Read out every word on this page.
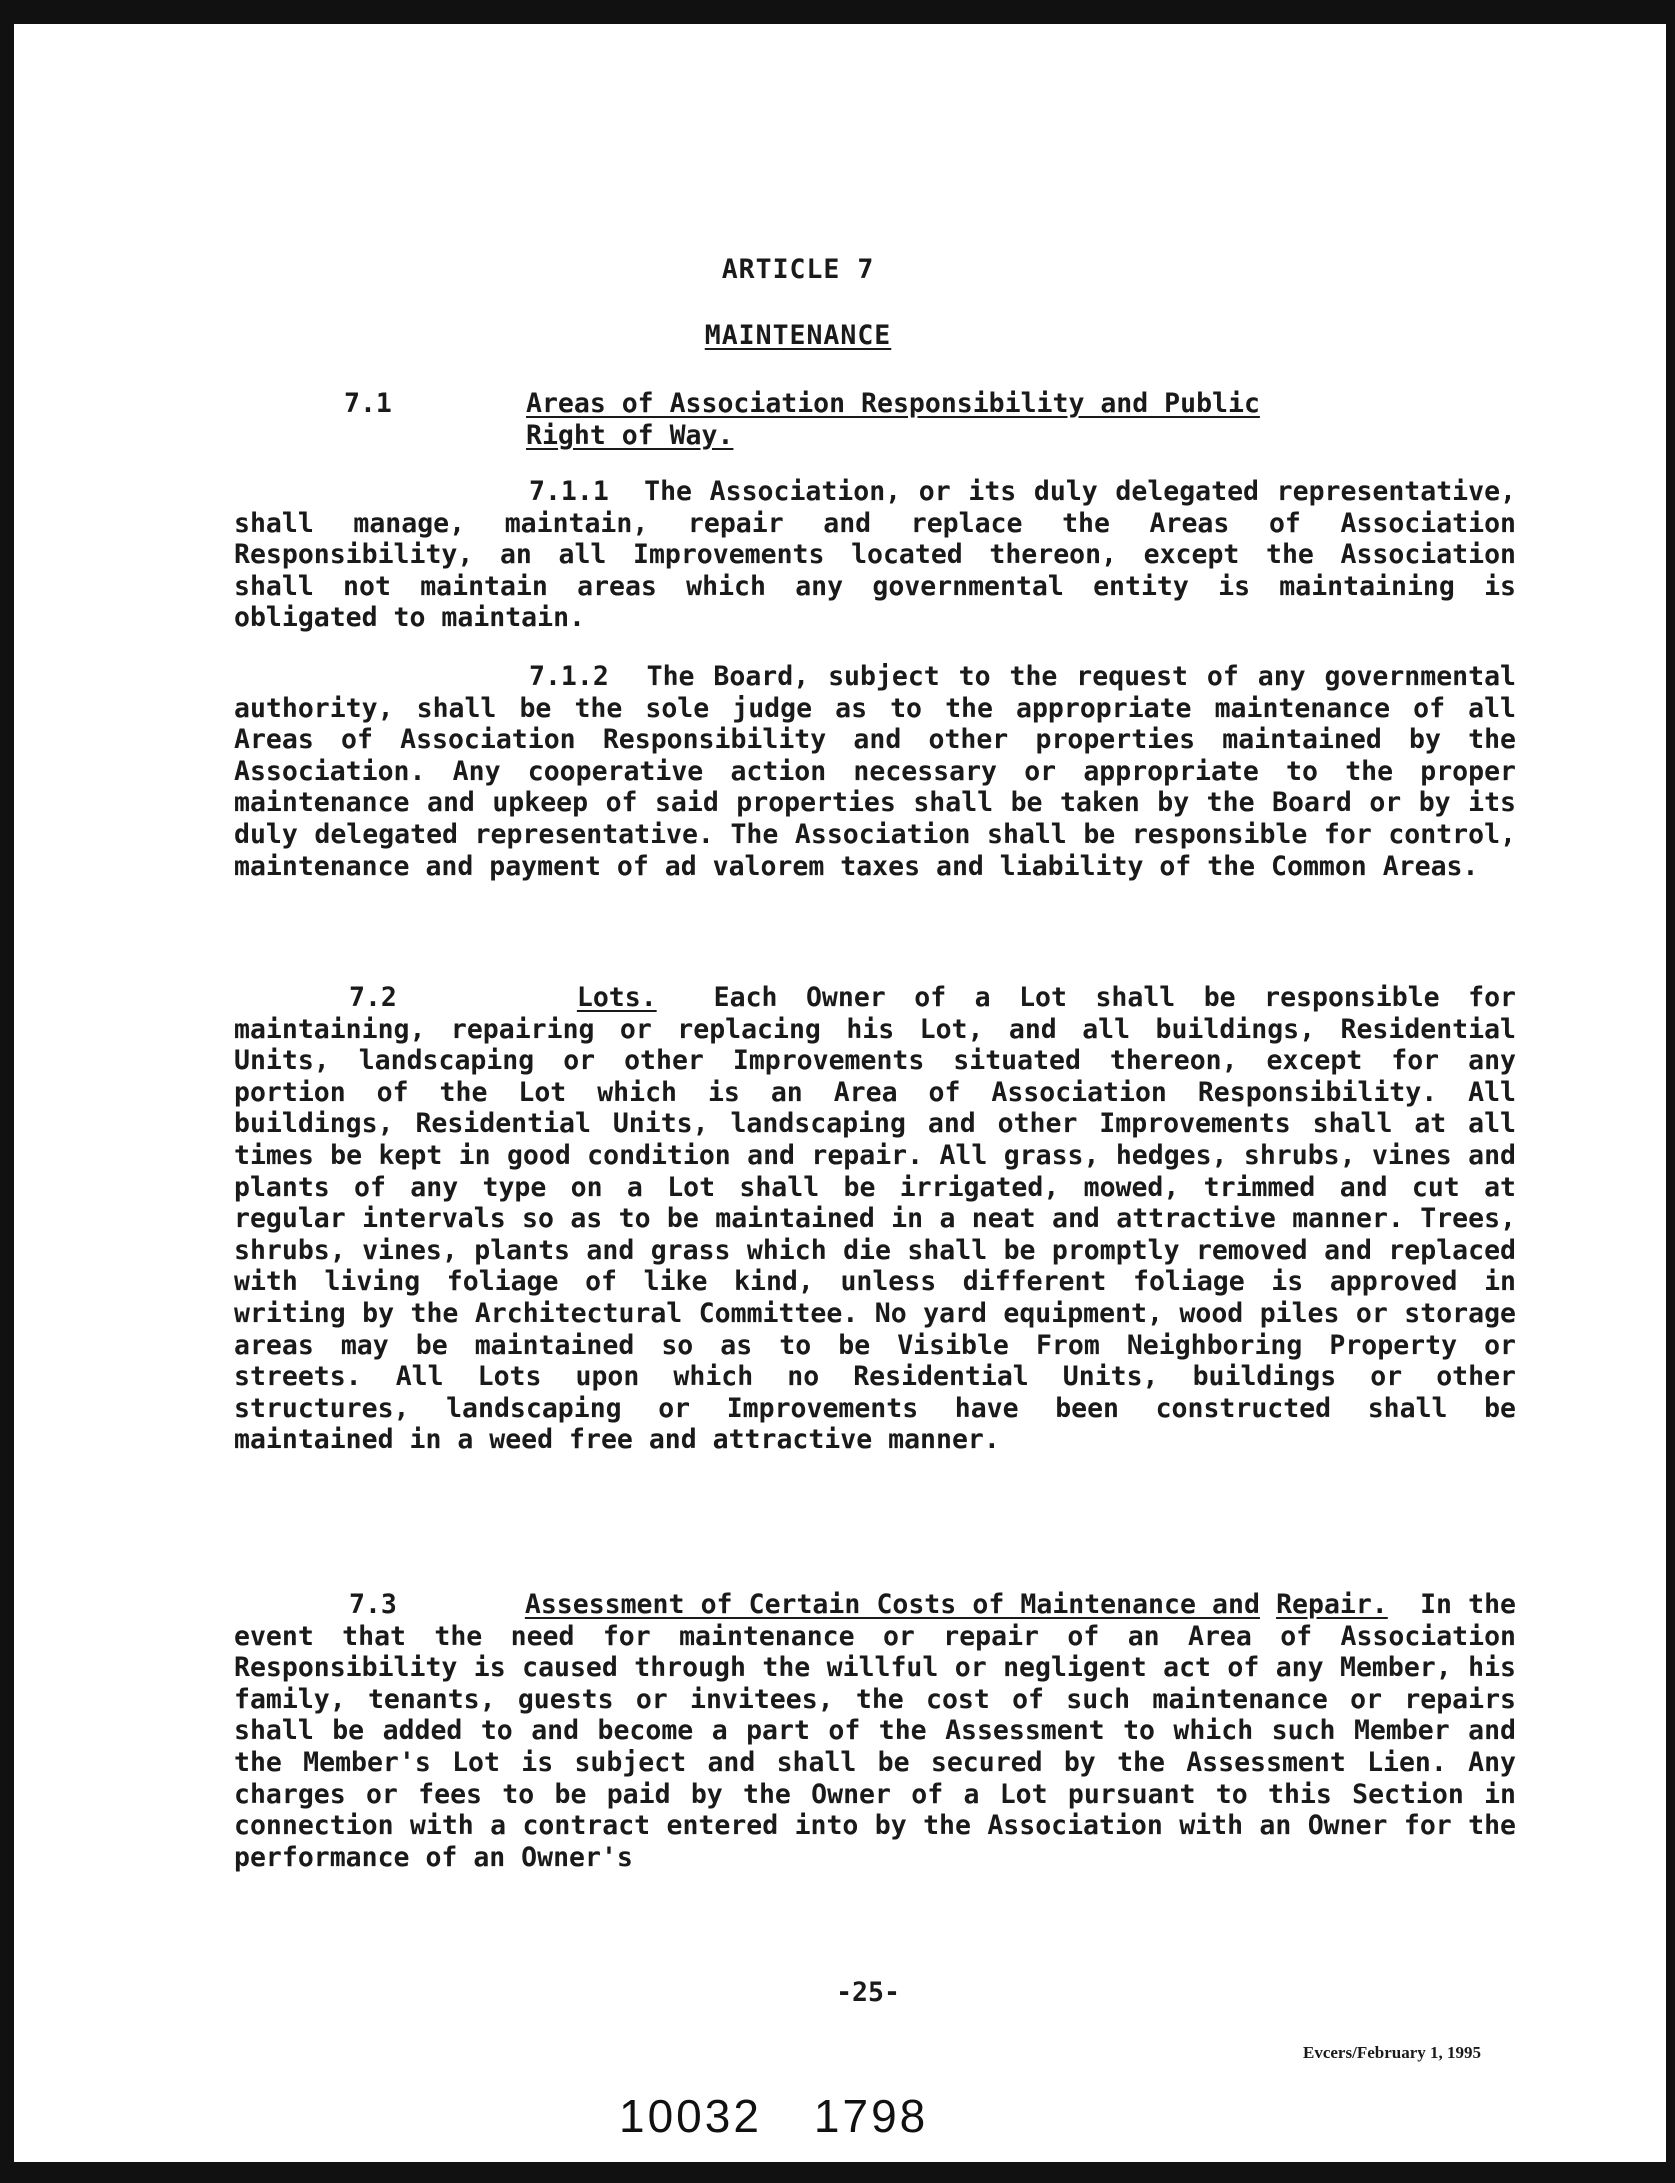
ARTICLE 7
MAINTENANCE
7.1	Areas of Association Responsibility and Public
Right of Way.
7.1.1 The Association, or its duly delegated representative, shall manage, maintain, repair and replace the Areas of Association Responsibility, an all Improvements located thereon, except the Association shall not maintain areas which any governmental entity is maintaining is obligated to maintain.
7.1.2 The Board, subject to the request of any governmental authority, shall be the sole judge as to the appropriate maintenance of all Areas of Association Responsibility and other properties maintained by the Association. Any cooperative action necessary or appropriate to the proper maintenance and upkeep of said properties shall be taken by the Board or by its duly delegated representative. The Association shall be responsible for control, maintenance and payment of ad valorem taxes and liability of the Common Areas.
7.2	Lots. Each Owner of a Lot shall be responsible for maintaining, repairing or replacing his Lot, and all buildings, Residential Units, landscaping or other Improvements situated thereon, except for any portion of the Lot which is an Area of Association Responsibility. All buildings, Residential Units, landscaping and other Improvements shall at all times be kept in good condition and repair. All grass, hedges, shrubs, vines and plants of any type on a Lot shall be irrigated, mowed, trimmed and cut at regular intervals so as to be maintained in a neat and attractive manner. Trees, shrubs, vines, plants and grass which die shall be promptly removed and replaced with living foliage of like kind, unless different foliage is approved in writing by the Architectural Committee. No yard equipment, wood piles or storage areas may be maintained so as to be Visible From Neighboring Property or streets. All Lots upon which no Residential Units, buildings or other structures, landscaping or Improvements have been constructed shall be maintained in a weed free and attractive manner.
7.3	Assessment of Certain Costs of Maintenance and Repair. In the event that the need for maintenance or repair of an Area of Association Responsibility is caused through the willful or negligent act of any Member, his family, tenants, guests or invitees, the cost of such maintenance or repairs shall be added to and become a part of the Assessment to which such Member and the Member's Lot is subject and shall be secured by the Assessment Lien. Any charges or fees to be paid by the Owner of a Lot pursuant to this Section in connection with a contract entered into by the Association with an Owner for the performance of an Owner's
-25-
Evcers/February 1, 1995
10032 1798
